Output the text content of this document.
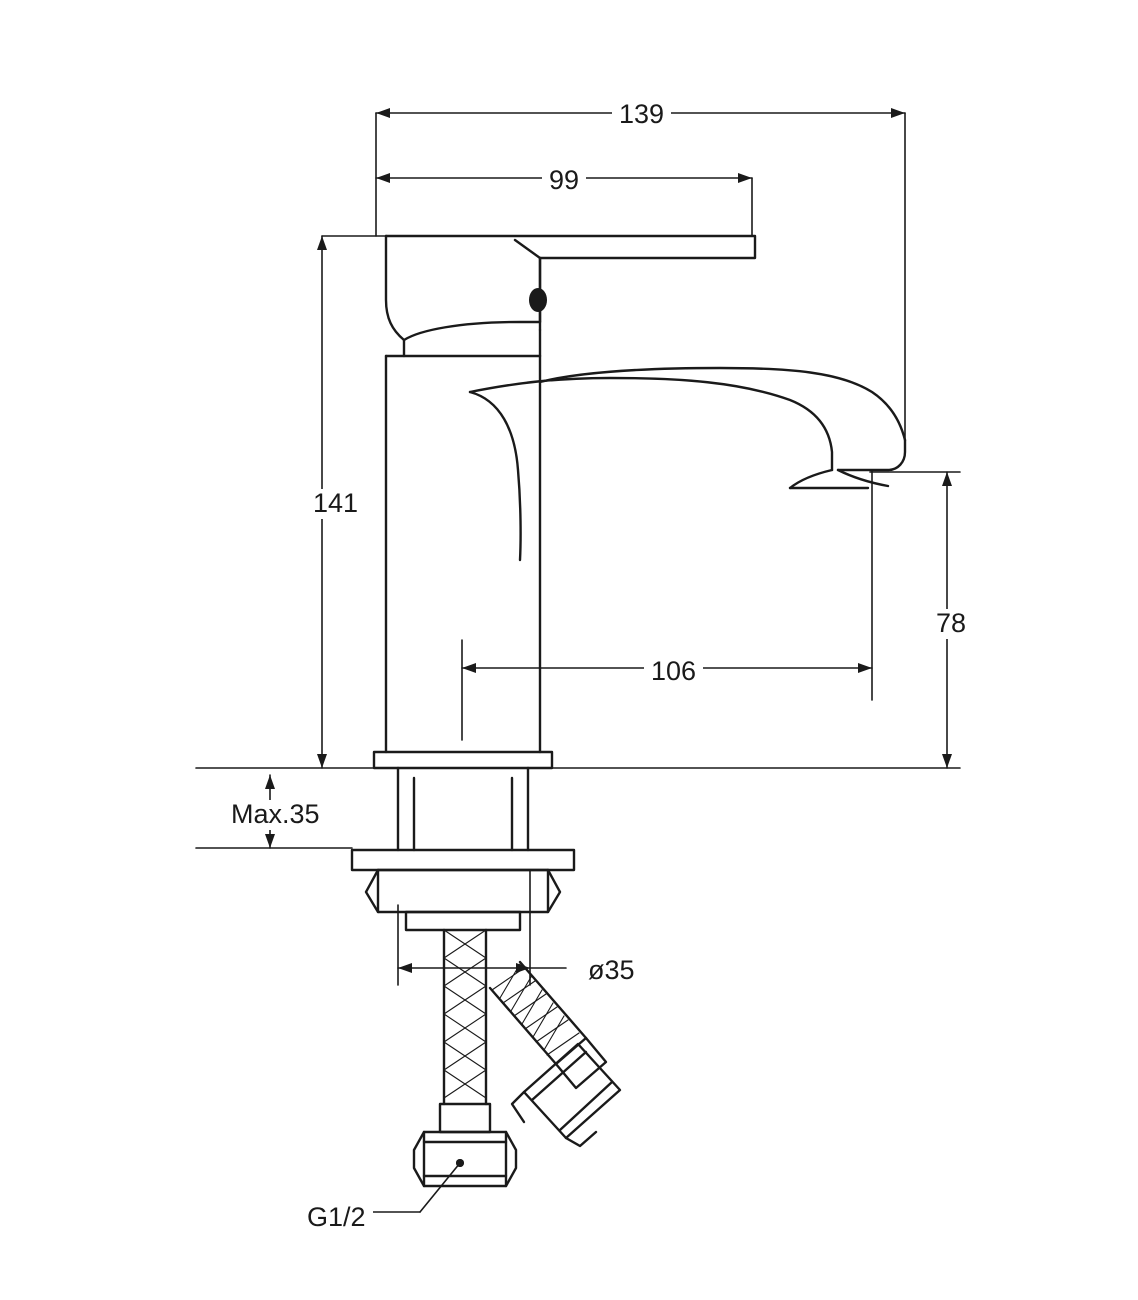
139
99
141
78
106
Max.35
ø35
G1/2
